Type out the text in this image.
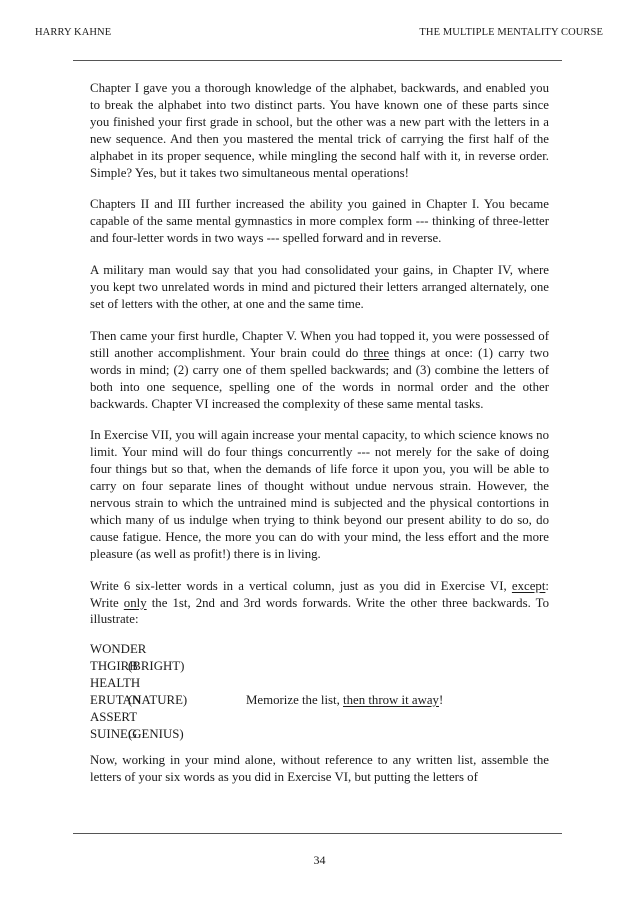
HARRY KAHNE	THE MULTIPLE MENTALITY COURSE

Chapter I gave you a thorough knowledge of the alphabet, backwards, and enabled you to break the alphabet into two distinct parts. You have known one of these parts since you finished your first grade in school, but the other was a new part with the letters in a new sequence. And then you mastered the mental trick of carrying the first half of the alphabet in its proper sequence, while mingling the second half with it, in reverse order. Simple? Yes, but it takes two simultaneous mental operations!

Chapters II and III further increased the ability you gained in Chapter I. You became capable of the same mental gymnastics in more complex form --- thinking of three-letter and four-letter words in two ways --- spelled forward and in reverse.

A military man would say that you had consolidated your gains, in Chapter IV, where you kept two unrelated words in mind and pictured their letters arranged alternately, one set of letters with the other, at one and the same time.

Then came your first hurdle, Chapter V. When you had topped it, you were possessed of still another accomplishment. Your brain could do three things at once: (1) carry two words in mind; (2) carry one of them spelled backwards; and (3) combine the letters of both into one sequence, spelling one of the words in normal order and the other backwards. Chapter VI increased the complexity of these same mental tasks.

In Exercise VII, you will again increase your mental capacity, to which science knows no limit. Your mind will do four things concurrently --- not merely for the sake of doing four things but so that, when the demands of life force it upon you, you will be able to carry on four separate lines of thought without undue nervous strain. However, the nervous strain to which the untrained mind is subjected and the physical contortions in which many of us indulge when trying to think beyond our present ability to do so, do cause fatigue. Hence, the more you can do with your mind, the less effort and the more pleasure (as well as profit!) there is in living.

Write 6 six-letter words in a vertical column, just as you did in Exercise VI, except: Write only the 1st, 2nd and 3rd words forwards. Write the other three backwards. To illustrate:

WONDER
THGIRB
(BRIGHT)
HEALTH
ERUTAN
(NATURE)	Memorize the list, then throw it away!
ASSERT
SUINEG
(GENIUS)

Now, working in your mind alone, without reference to any written list, assemble the letters of your six words as you did in Exercise VI, but putting the letters of

34
